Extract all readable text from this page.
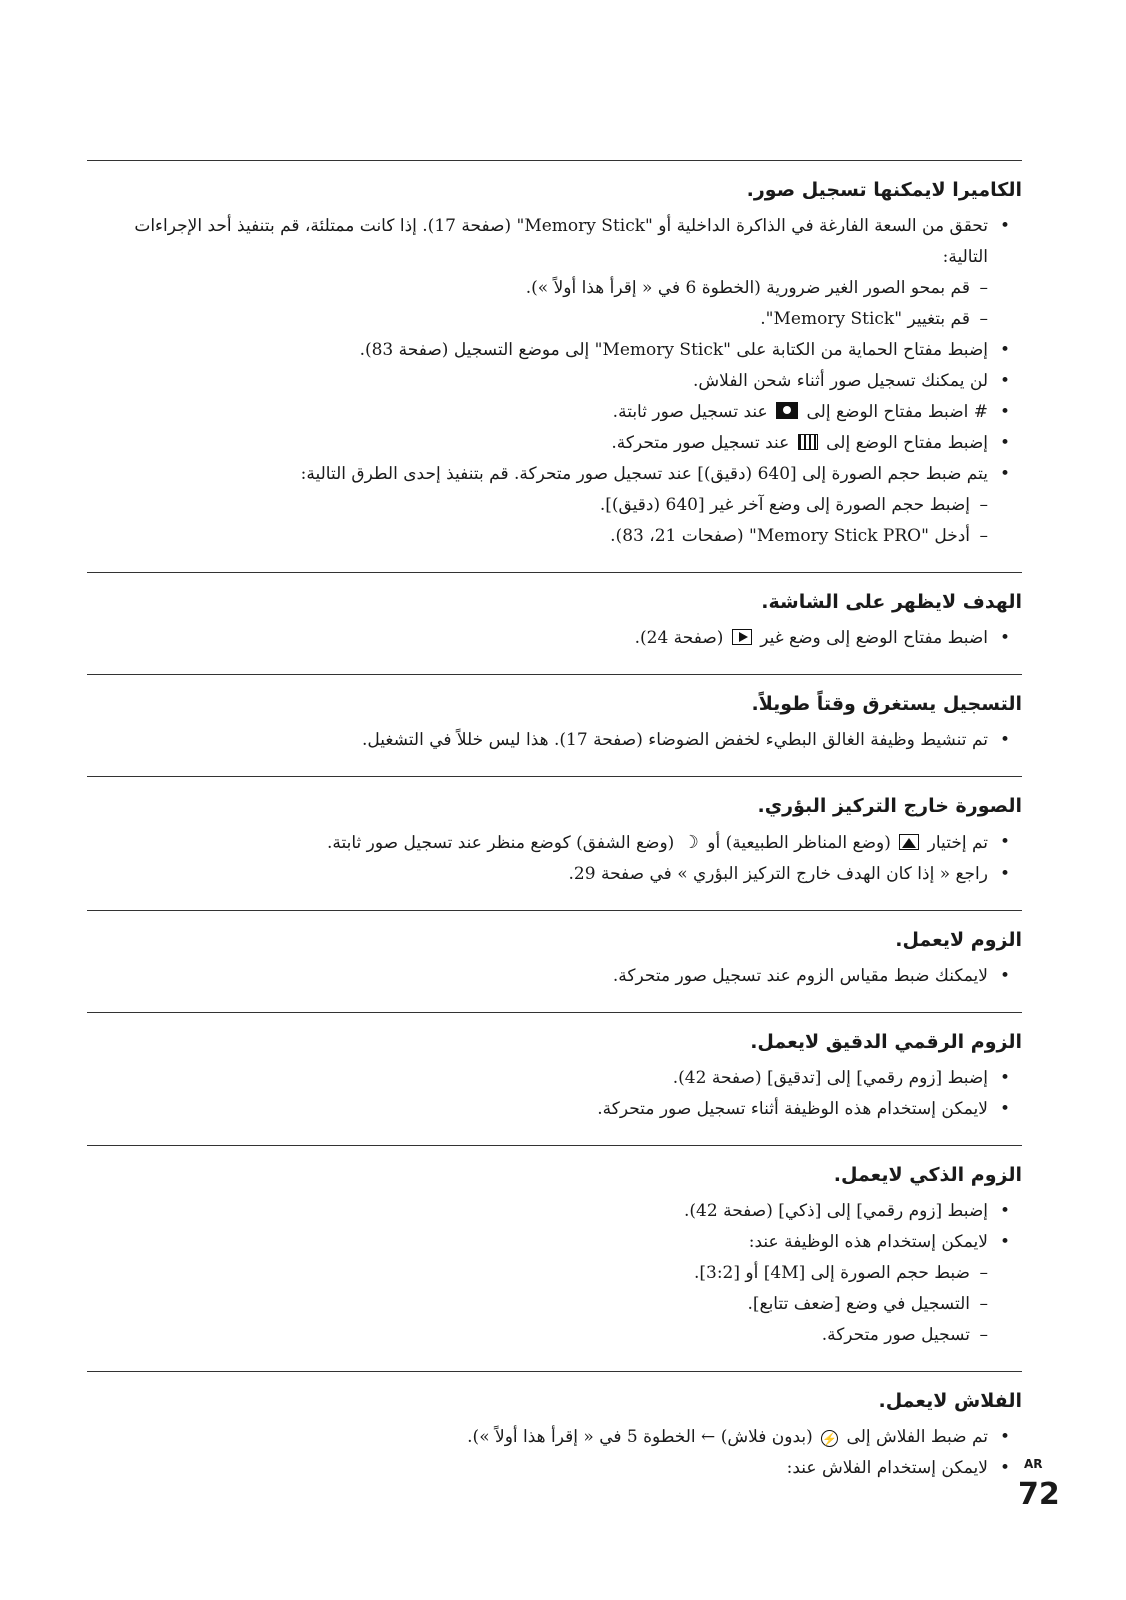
الكاميرا لايمكنها تسجيل صور.
• تحقق من السعة الفارغة في الذاكرة الداخلية أو "Memory Stick" (صفحة 17). إذا كانت ممتلئة، قم بتنفيذ أحد الإجراءات
التالية:
– قم بمحو الصور الغير ضرورية (الخطوة 6 في « إقرأ هذا أولاً »).
– قم بتغيير "Memory Stick".
• إضبط مفتاح الحماية من الكتابة على "Memory Stick" إلى موضع التسجيل (صفحة 83).
• لن يمكنك تسجيل صور أثناء شحن الفلاش.
• # اضبط مفتاح الوضع إلى  عند تسجيل صور ثابتة.
• إضبط مفتاح الوضع إلى  عند تسجيل صور متحركة.
• يتم ضبط حجم الصورة إلى [640 (دقيق)] عند تسجيل صور متحركة. قم بتنفيذ إحدى الطرق التالية:
– إضبط حجم الصورة إلى وضع آخر غير [640 (دقيق)].
– أدخل "Memory Stick PRO" (صفحات 21، 83).
الهدف لايظهر على الشاشة.
• اضبط مفتاح الوضع إلى وضع غير  (صفحة 24).
التسجيل يستغرق وقتاً طويلاً.
• تم تنشيط وظيفة الغالق البطيء لخفض الضوضاء (صفحة 17). هذا ليس خللاً في التشغيل.
الصورة خارج التركيز البؤري.
• تم إختيار  (وضع المناظر الطبيعية) أو ☽ (وضع الشفق) كوضع منظر عند تسجيل صور ثابتة.
• راجع « إذا كان الهدف خارج التركيز البؤري » في صفحة 29.
الزوم لايعمل.
• لايمكنك ضبط مقياس الزوم عند تسجيل صور متحركة.
الزوم الرقمي الدقيق لايعمل.
• إضبط [زوم رقمي] إلى [تدقيق] (صفحة 42).
• لايمكن إستخدام هذه الوظيفة أثناء تسجيل صور متحركة.
الزوم الذكي لايعمل.
• إضبط [زوم رقمي] إلى [ذكي] (صفحة 42).
• لايمكن إستخدام هذه الوظيفة عند:
– ضبط حجم الصورة إلى [4M] أو [3:2].
– التسجيل في وضع [ضعف تتابع].
– تسجيل صور متحركة.
الفلاش لايعمل.
• تم ضبط الفلاش إلى ⚡ (بدون فلاش) ← الخطوة 5 في « إقرأ هذا أولاً »).
• لايمكن إستخدام الفلاش عند:	AR
72
